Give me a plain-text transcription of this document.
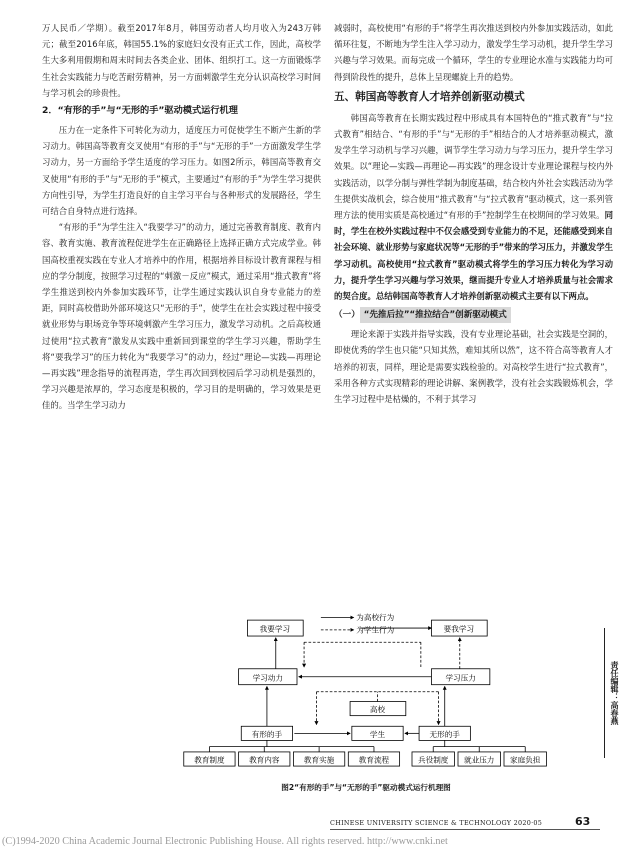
万人民币／学期）。截至2017年8月，韩国劳动者人均月收入为243万韩元；截至2016年底，韩国55.1%的家庭妇女没有正式工作，因此，高校学生大多利用假期和周末时间去各类企业、团体、组织打工。这一方面锻炼学生社会实践能力与吃苦耐劳精神，另一方面刺激学生充分认识高校学习时间与学习机会的珍贵性。

2．“有形的手”与“无形的手”驱动模式运行机理

压力在一定条件下可转化为动力，适度压力可促使学生不断产生新的学习动力。韩国高等教育交叉使用“有形的手”与“无形的手”一方面激发学生学习动力，另一方面给予学生适度的学习压力。如图2所示，韩国高等教育交叉使用“有形的手”与“无形的手”模式，主要通过“有形的手”为学生学习提供方向性引导，为学生打造良好的自主学习平台与各种形式的发展路径，学生可结合自身特点进行选择。

“有形的手”为学生注入“我要学习”的动力，通过完善教育制度、教育内容、教育实施、教育流程促进学生在正确路径上选择正确方式完成学业。韩国高校重视实践在专业人才培养中的作用，根据培养目标设计教育课程与相应的学分制度，按照学习过程的“刺激－反应”模式，通过采用“推式教育”将学生推送到校内外参加实践环节，让学生通过实践认识自身专业能力的差距，同时高校借助外部环境这只“无形的手”，使学生在社会实践过程中接受就业形势与职场竞争等环境刺激产生学习压力，激发学习动机。之后高校通过使用“拉式教育”激发从实践中重新回到课堂的学生学习兴趣，帮助学生将“要我学习”的压力转化为“我要学习”的动力，经过“理论—实践—再理论—再实践”理念指导的流程再造，学生再次回到校园后学习动机是强烈的，学习兴趣是浓厚的，学习态度是积极的，学习目的是明确的，学习效果是更佳的。当学生学习动力

减弱时，高校使用“有形的手”将学生再次推送到校内外参加实践活动，如此循环往复，不断地为学生注入学习动力，激发学生学习动机，提升学生学习兴趣与学习效果。而每完成一个循环，学生的专业理论水准与实践能力均可得到阶段性的提升，总体上呈现螺旋上升的趋势。

五、韩国高等教育人才培养创新驱动模式

韩国高等教育在长期实践过程中形成具有本国特色的“推式教育”与“拉式教育”相结合、“有形的手”与“无形的手”相结合的人才培养驱动模式，激发学生学习动机与学习兴趣，调节学生学习动力与学习压力，提升学生学习效果。以“理论—实践—再理论—再实践”的理念设计专业理论课程与校内外实践活动，以学分制与弹性学制为制度基础，结合校内外社会实践活动为学生提供实战机会，综合使用“推式教育”与“拉式教育”驱动模式，这一系列管理方法的使用实质是高校通过“有形的手”控制学生在校期间的学习效果。同时，学生在校外实践过程中不仅会感受到专业能力的不足，还能感受到来自社会环境、就业形势与家庭状况等“无形的手”带来的学习压力，并激发学生学习动机。高校使用“拉式教育”驱动模式将学生的学习压力转化为学习动力，提升学生学习兴趣与学习效果，继而提升专业人才培养质量与社会需求的契合度。总结韩国高等教育人才培养创新驱动模式主要有以下两点。

（一） “先推后拉”“推拉结合”创新驱动模式

理论来源于实践并指导实践，没有专业理论基础，社会实践是空洞的，即使优秀的学生也只能“只知其然，难知其所以然”，这不符合高等教育人才培养的初衷，同样，理论是需要实践检验的。对高校学生进行“拉式教育”，采用各种方式实现精彩的理论讲解、案例教学，没有社会实践锻炼机会，学生学习过程中是枯燥的，不利于其学习

我要学习	要我学习
为高校行为
为学生行为
学习动力	学习压力
高校
有形的手	学生	无形的手
教育制度	教育内容	教育实施	教育流程	兵役制度 就业压力 家庭负担
图2“有形的手”与“无形的手”驱动模式运行机理图
责任编辑：高春燕
CHINESE UNIVERSITY SCIENCE & TECHNOLOGY 2020·05	63
(C)1994-2020 China Academic Journal Electronic Publishing House. All rights reserved. http://www.cnki.net
